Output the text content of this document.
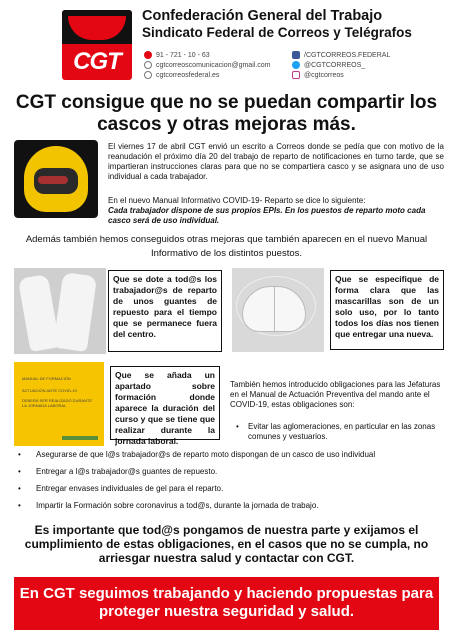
CGT
Confederación General del Trabajo
Sindicato Federal de Correos y Telégrafos
91 - 721 - 10 - 63
cgtcorreoscomunicacion@gmail.com
cgtcorreosfederal.es
/CGTCORREOS.FEDERAL
@CGTCORREOS_
@cgtcorreos
CGT consigue que no se puedan compartir los cascos y otras mejoras más.
El viernes 17 de abril CGT envió un escrito a Correos donde se pedía que con motivo de la reanudación el próximo día 20 del trabajo de reparto de notificaciones en turno tarde, que se impartieran instrucciones claras para que no se compartiera casco y se asignara uno de uso individual a cada trabajador.
En el nuevo Manual Informativo COVID-19- Reparto se dice lo siguiente:
Cada trabajador dispone de sus propios EPIs. En los puestos de reparto moto cada casco será de uso individual.
Además también hemos conseguidos otras mejoras que también aparecen en el nuevo Manual Informativo de los distintos puestos.
Que se dote a tod@s los trabajador@s de reparto de unos guantes de repuesto para el tiempo que se permanece fuera del centro.
Que se especifique de forma clara que las mascarillas son de un solo uso, por lo tanto todos los días nos tienen que entregar una nueva.
MANUAL DE FORMACIÓN
ACTUACIÓN ANTE COVID-19
DEBERÁ SER REALIZADO DURANTE LA JORNADA LABORAL
Que se añada un apartado sobre formación donde aparece la duración del curso y que se tiene que realizar durante la jornada laboral.
También hemos introducido obligaciones para las Jefaturas en el Manual de Actuación Preventiva del mando ante el COVID-19, estas obligaciones son:
•	Evitar las aglomeraciones, en particular en las zonas comunes y vestuarios.
•	Asegurarse de que l@s trabajador@s de reparto moto dispongan de un casco de uso individual
•	Entregar a l@s trabajador@s guantes de repuesto.
•	Entregar envases individuales de gel para el reparto.
•	Impartir la Formación sobre coronavirus a tod@s, durante la jornada de trabajo.
Es importante que tod@s pongamos de nuestra parte y exijamos el cumplimiento de estas obligaciones, en el casos que no se cumpla, no arriesgar nuestra salud y contactar con CGT.
En CGT seguimos trabajando y haciendo propuestas para proteger nuestra seguridad y salud.
